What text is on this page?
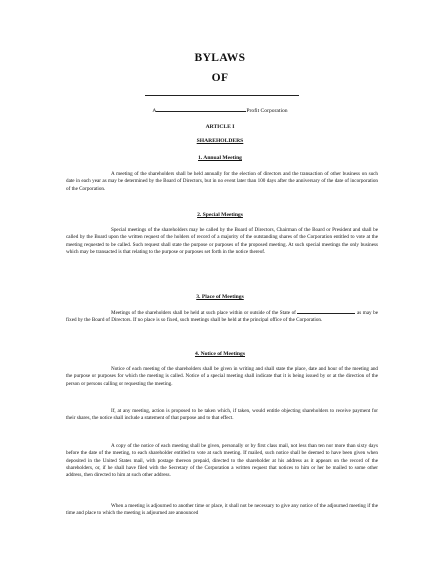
BYLAWS
OF
A	Profit Corporation
ARTICLE I
SHAREHOLDERS
1. Annual Meeting

A meeting of the shareholders shall be held annually for the election of directors and the transaction of other business on such date in each year as may be determined by the Board of Directors, but in no event later than 100 days after the anniversary of the date of incorporation of the Corporation.

2. Special Meetings

Special meetings of the shareholders may be called by the Board of Directors, Chairman of the Board or President and shall be called by the Board upon the written request of the holders of record of a majority of the outstanding shares of the Corporation entitled to vote at the meeting requested to be called. Such request shall state the purpose or purposes of the proposed meeting. At such special meetings the only business which may be transacted is that relating to the purpose or purposes set forth in the notice thereof.

3. Place of Meetings

Meetings of the shareholders shall be held at such place within or outside of the State of	as may be fixed by the Board of Directors. If no place is so fixed, such meetings shall be held at the principal office of the Corporation.

4. Notice of Meetings

Notice of each meeting of the shareholders shall be given in writing and shall state the place, date and hour of the meeting and the purpose or purposes for which the meeting is called. Notice of a special meeting shall indicate that it is being issued by or at the direction of the person or persons calling or requesting the meeting.

If, at any meeting, action is proposed to be taken which, if taken, would entitle objecting shareholders to receive payment for their shares, the notice shall include a statement of that purpose and to that effect.

A copy of the notice of each meeting shall be given, personally or by first class mail, not less than ten nor more than sixty days before the date of the meeting, to each shareholder entitled to vote at such meeting. If mailed, such notice shall be deemed to have been given when deposited in the United States mail, with postage thereon prepaid, directed to the shareholder at his address as it appears on the record of the shareholders, or, if he shall have filed with the Secretary of the Corporation a written request that notices to him or her be mailed to some other address, then directed to him at such other address.

When a meeting is adjourned to another time or place, it shall not be necessary to give any notice of the adjourned meeting if the time and place to which the meeting is adjourned are announced
